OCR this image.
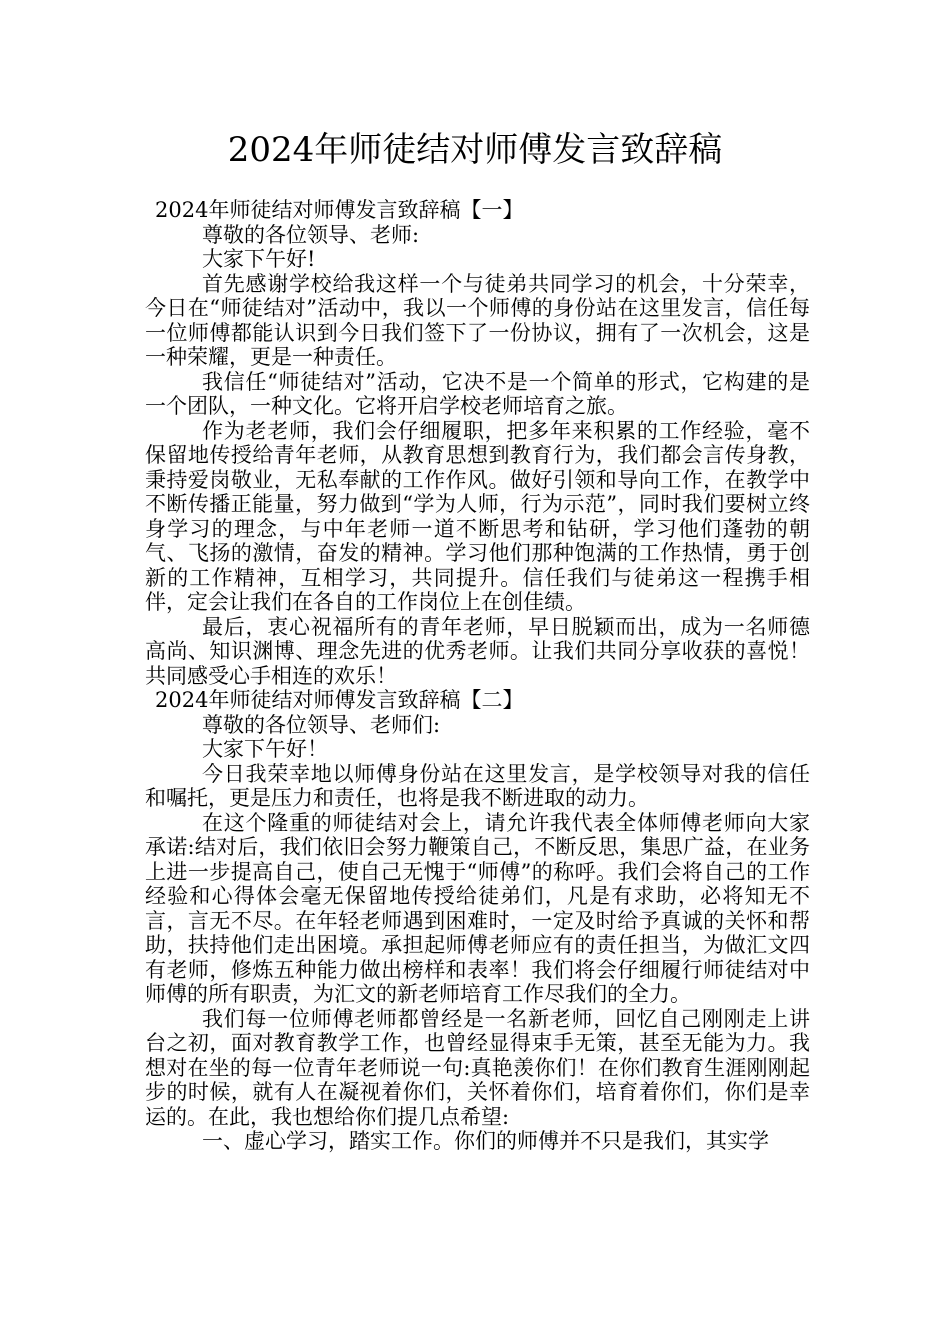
2024年师徒结对师傅发言致辞稿

2024年师徒结对师傅发言致辞稿【一】

尊敬的各位领导、老师:

大家下午好!

首先感谢学校给我这样一个与徒弟共同学习的机会，十分荣幸，今日在“师徒结对”活动中，我以一个师傅的身份站在这里发言，信任每一位师傅都能认识到今日我们签下了一份协议，拥有了一次机会，这是一种荣耀，更是一种责任。

我信任“师徒结对”活动，它决不是一个简单的形式，它构建的是一个团队，一种文化。它将开启学校老师培育之旅。

作为老老师，我们会仔细履职，把多年来积累的工作经验，毫不保留地传授给青年老师，从教育思想到教育行为，我们都会言传身教，秉持爱岗敬业，无私奉献的工作作风。做好引领和导向工作，在教学中不断传播正能量，努力做到“学为人师，行为示范”，同时我们要树立终身学习的理念，与中年老师一道不断思考和钻研，学习他们蓬勃的朝气、飞扬的激情，奋发的精神。学习他们那种饱满的工作热情，勇于创新的工作精神，互相学习，共同提升。信任我们与徒弟这一程携手相伴，定会让我们在各自的工作岗位上在创佳绩。

最后，衷心祝福所有的青年老师，早日脱颖而出，成为一名师德高尚、知识渊博、理念先进的优秀老师。让我们共同分享收获的喜悦！共同感受心手相连的欢乐！

2024年师徒结对师傅发言致辞稿【二】

尊敬的各位领导、老师们:

大家下午好！

今日我荣幸地以师傅身份站在这里发言，是学校领导对我的信任和嘱托，更是压力和责任，也将是我不断进取的动力。

在这个隆重的师徒结对会上，请允许我代表全体师傅老师向大家承诺:结对后，我们依旧会努力鞭策自己，不断反思，集思广益，在业务上进一步提高自己，使自己无愧于“师傅”的称呼。我们会将自己的工作经验和心得体会毫无保留地传授给徒弟们，凡是有求助，必将知无不言，言无不尽。在年轻老师遇到困难时，一定及时给予真诚的关怀和帮助，扶持他们走出困境。承担起师傅老师应有的责任担当，为做汇文四有老师，修炼五种能力做出榜样和表率！我们将会仔细履行师徒结对中师傅的所有职责，为汇文的新老师培育工作尽我们的全力。

我们每一位师傅老师都曾经是一名新老师，回忆自己刚刚走上讲台之初，面对教育教学工作，也曾经显得束手无策，甚至无能为力。我想对在坐的每一位青年老师说一句:真艳羡你们！在你们教育生涯刚刚起步的时候，就有人在凝视着你们，关怀着你们，培育着你们，你们是幸运的。在此，我也想给你们提几点希望:

一、虚心学习，踏实工作。你们的师傅并不只是我们，其实学
